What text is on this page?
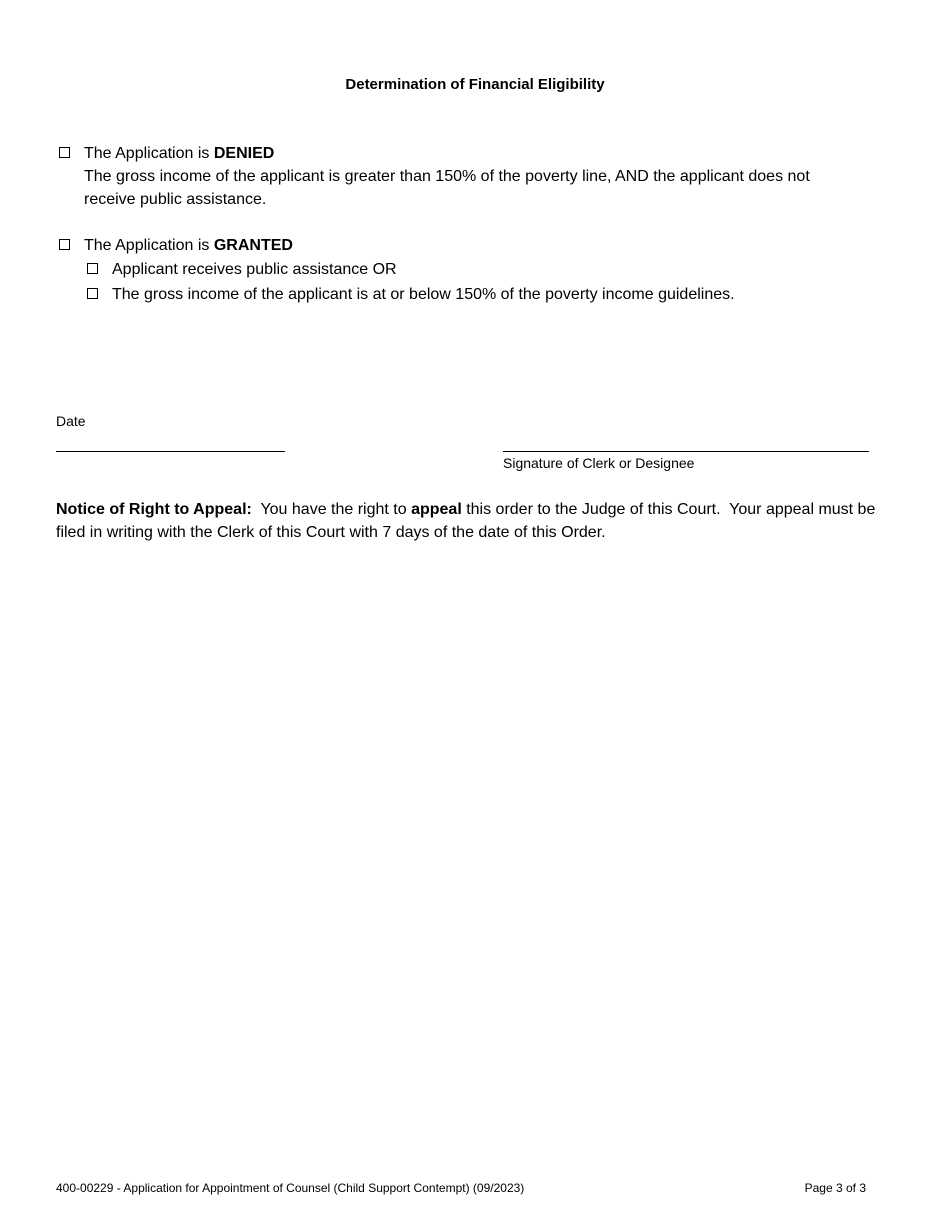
Determination of Financial Eligibility
The Application is DENIED
The gross income of the applicant is greater than 150% of the poverty line, AND the applicant does not
receive public assistance.
The Application is GRANTED
Applicant receives public assistance OR
The gross income of the applicant is at or below 150% of the poverty income guidelines.
Date
Signature of Clerk or Designee
Notice of Right to Appeal:  You have the right to appeal this order to the Judge of this Court.  Your appeal must be filed in writing with the Clerk of this Court with 7 days of the date of this Order.
400-00229 - Application for Appointment of Counsel (Child Support Contempt) (09/2023)	Page 3 of 3
